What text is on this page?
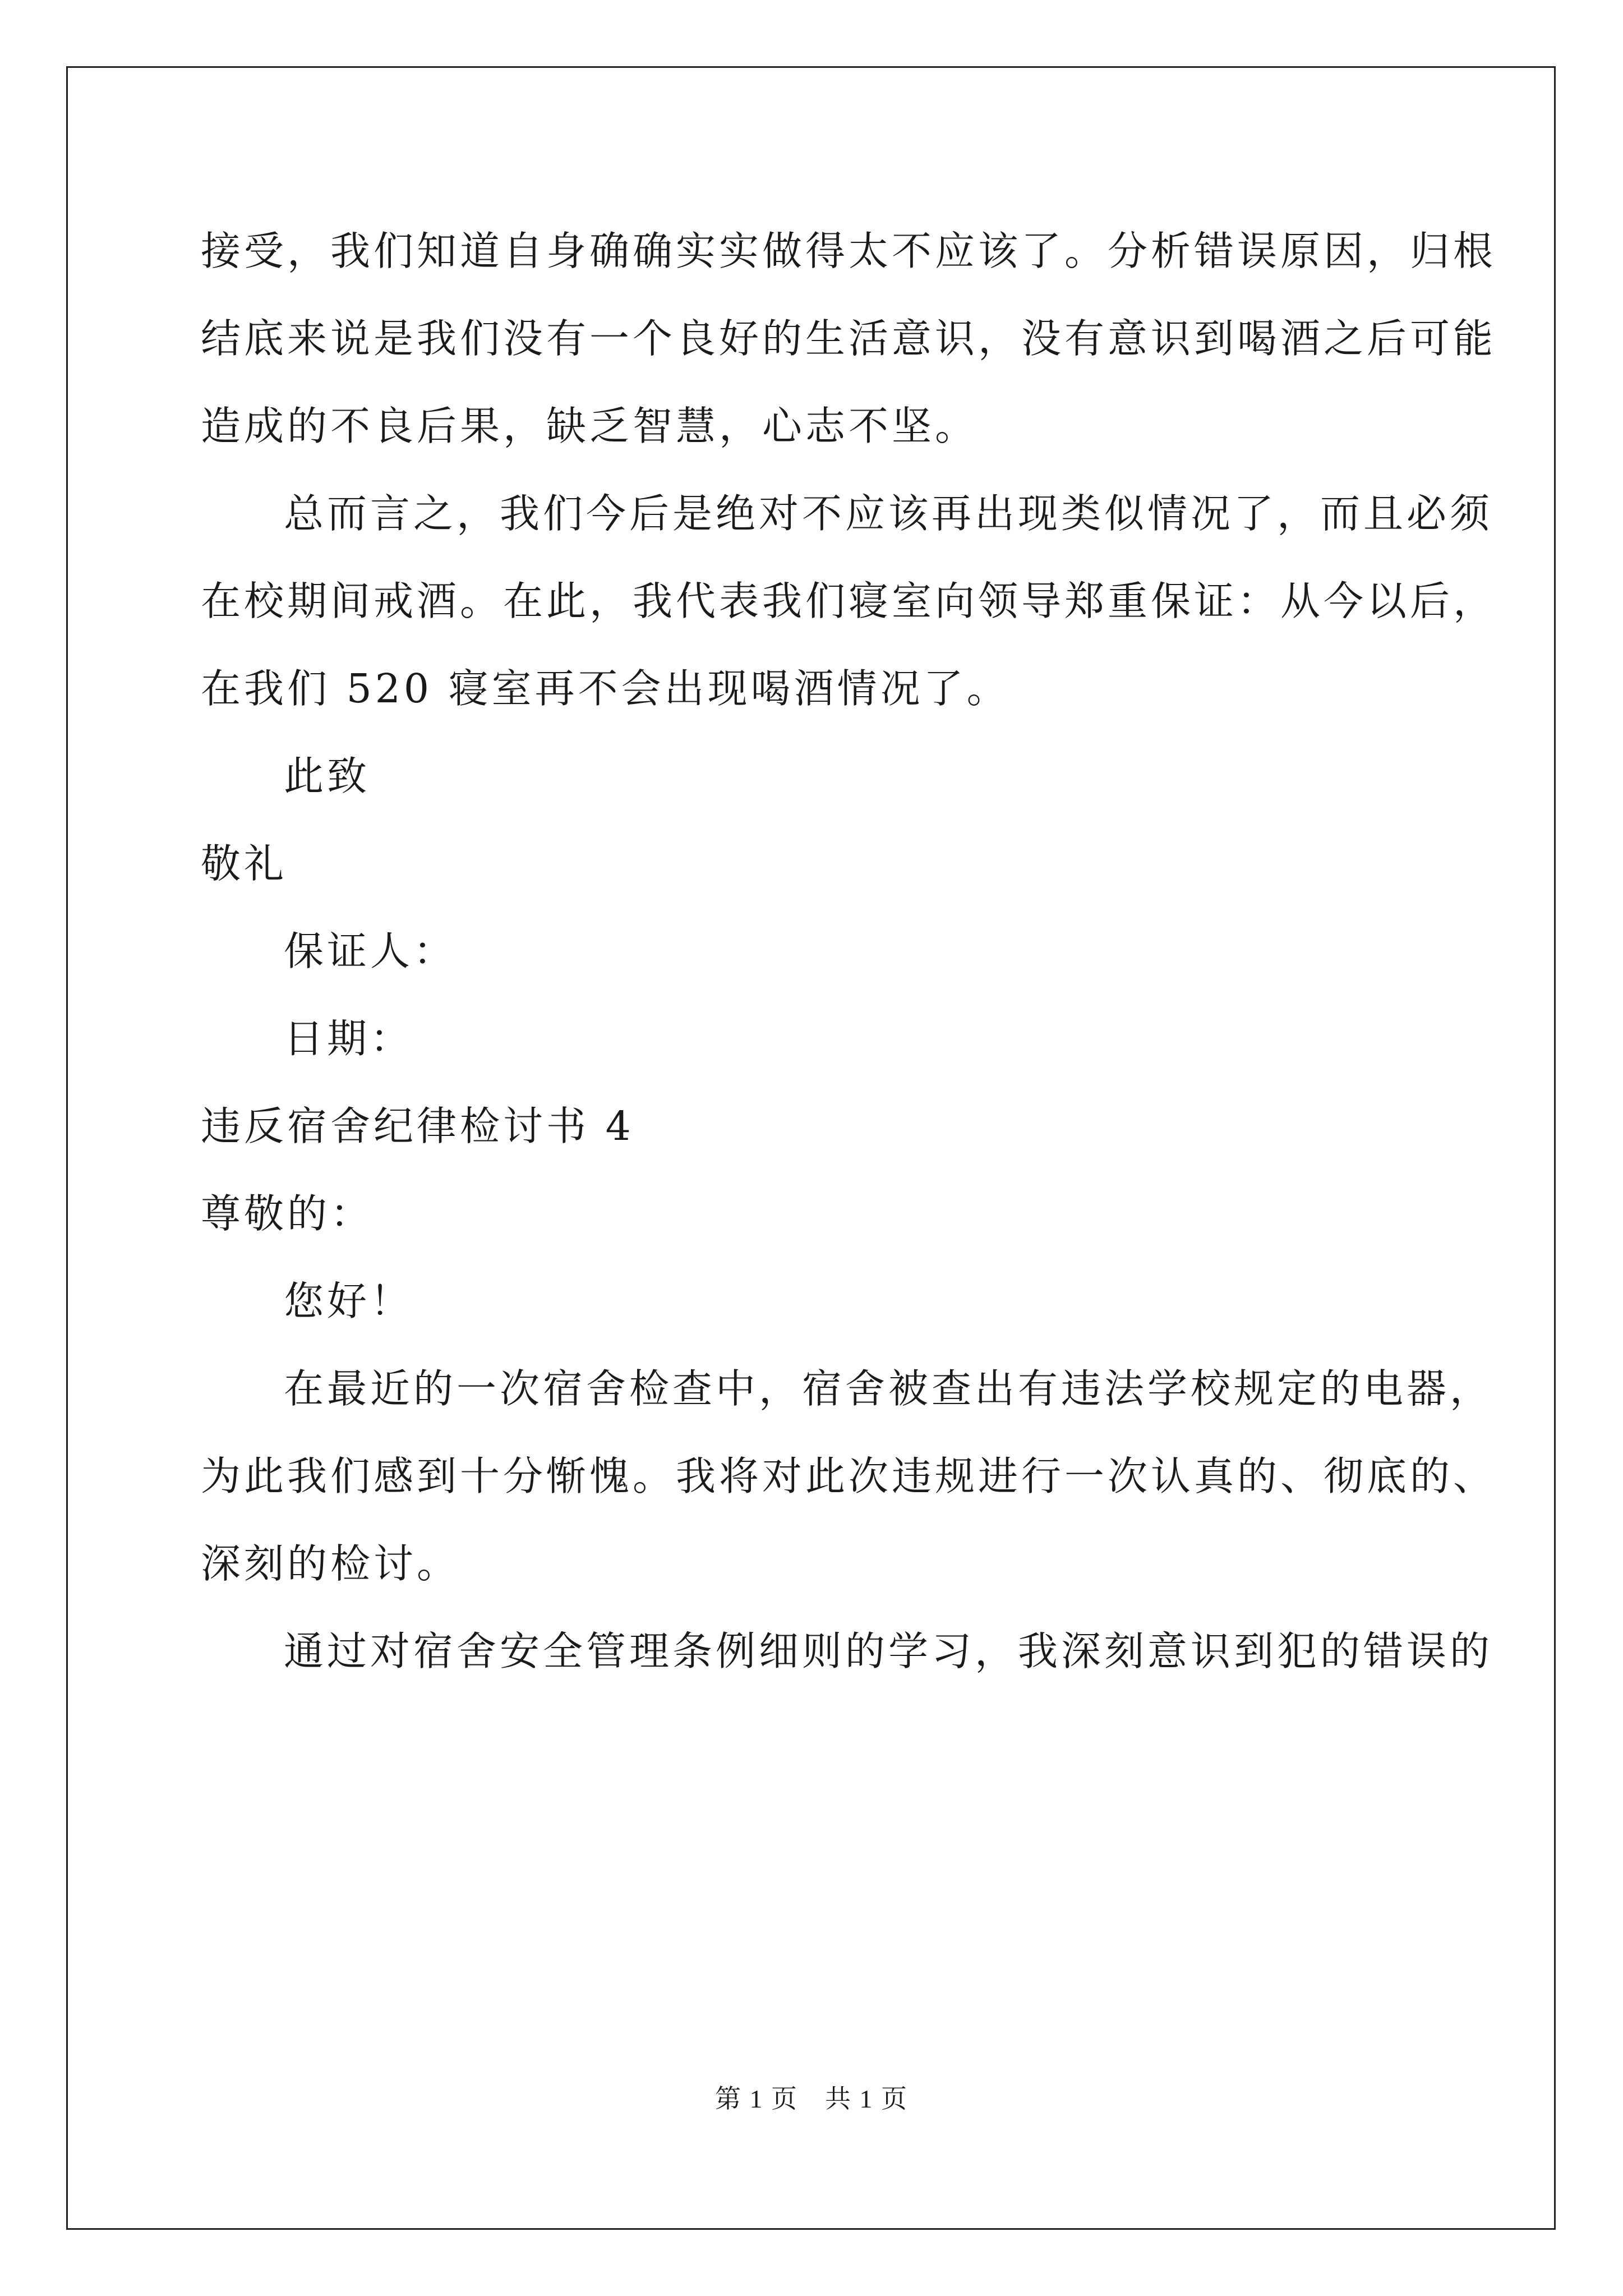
接受，我们知道自身确确实实做得太不应该了。分析错误原因，归根
结底来说是我们没有一个良好的生活意识，没有意识到喝酒之后可能
造成的不良后果，缺乏智慧，心志不坚。
总而言之，我们今后是绝对不应该再出现类似情况了，而且必须
在校期间戒酒。在此，我代表我们寝室向领导郑重保证：从今以后，
在我们 520 寝室再不会出现喝酒情况了。
此致
敬礼
保证人：
日期：
违反宿舍纪律检讨书 4
尊敬的：
您好！
在最近的一次宿舍检查中，宿舍被查出有违法学校规定的电器，
为此我们感到十分惭愧。我将对此次违规进行一次认真的、彻底的、
深刻的检讨。
通过对宿舍安全管理条例细则的学习，我深刻意识到犯的错误的
第 1 页 共 1 页
